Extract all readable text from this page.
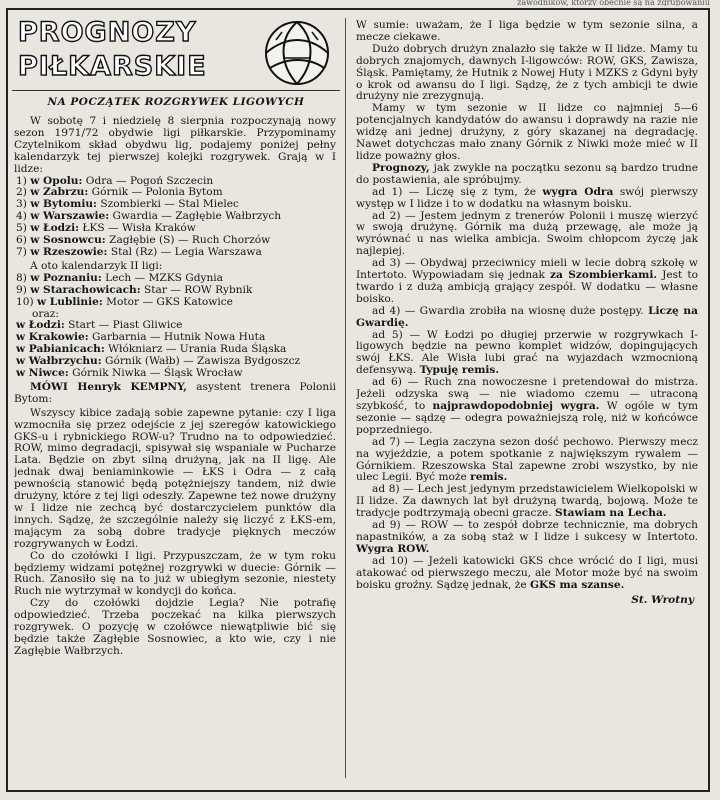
zawodników, ktorzy obecnie są na zgrupowaniu
PROGNOZY
PIŁKARSKIE
NA POCZĄTEK ROZGRYWEK LIGOWYCH

W sobotę 7 i niedzielę 8 sierpnia rozpoczynają nowy sezon 1971/72 obydwie ligi piłkarskie. Przypominamy Czytelnikom skład obydwu lig, podajemy poniżej pełny kalendarzyk tej pierwszej kolejki rozgrywek. Grają w I lidze:

1) w Opolu: Odra — Pogoń Szczecin
2) w Zabrzu: Górnik — Polonia Bytom
3) w Bytomiu: Szombierki — Stal Mielec
4) w Warszawie: Gwardia — Zagłębie Wałbrzych
5) w Łodzi: ŁKS — Wisła Kraków
6) w Sosnowcu: Zagłębie (S) — Ruch Chorzów
7) w Rzeszowie: Stal (Rz) — Legia Warszawa

A oto kalendarzyk II ligi:

8) w Poznaniu: Lech — MZKS Gdynia
9) w Starachowicach: Star — ROW Rybnik
10) w Lublinie: Motor — GKS Katowice
oraz:
w Łodzi: Start — Piast Gliwice
w Krakowie: Garbarnia — Hutnik Nowa Huta
w Pabianicach: Włókniarz — Urania Ruda Śląska
w Wałbrzychu: Górnik (Wałb) — Zawisza Bydgoszcz
w Niwce: Górnik Niwka — Śląsk Wrocław

MÓWI Henryk KEMPNY, asystent trenera Polonii Bytom:

Wszyscy kibice zadają sobie zapewne pytanie: czy I liga wzmocniła się przez odejście z jej szeregów katowickiego GKS-u i rybnickiego ROW-u? Trudno na to odpowiedzieć. ROW, mimo degradacji, spisywał się wspaniale w Pucharze Lata. Będzie on zbyt silną drużyną, jak na II ligę. Ale jednak dwaj beniaminkowie — ŁKS i Odra — z całą pewnością stanowić będą potężniejszy tandem, niż dwie drużyny, które z tej ligi odeszły. Zapewne też nowe drużyny w I lidze nie zechcą być dostarczycielem punktów dla innych. Sądzę, że szczególnie należy się liczyć z ŁKS-em, mającym za sobą dobre tradycje pięknych meczów rozgrywanych w Łodzi.

Co do czołówki I ligi. Przypuszczam, że w tym roku będziemy widzami potężnej rozgrywki w duecie: Górnik — Ruch. Zanosiło się na to już w ubiegłym sezonie, niestety Ruch nie wytrzymał w kondycji do końca.

Czy do czołówki dojdzie Legia? Nie potrafię odpowiedzieć. Trzeba poczekać na kilka pierwszych rozgrywek. O pozycję w czołówce niewątpliwie bić się będzie także Zagłębie Sosnowiec, a kto wie, czy i nie Zagłębie Wałbrzych.

W sumie: uważam, że I liga będzie w tym sezonie silna, a mecze ciekawe.

Dużo dobrych drużyn znalazło się także w II lidze. Mamy tu dobrych znajomych, dawnych I-ligowców: ROW, GKS, Zawisza, Śląsk. Pamiętamy, że Hutnik z Nowej Huty i MZKS z Gdyni były o krok od awansu do I ligi. Sądzę, że z tych ambicji te dwie drużyny nie zrezygnują.

Mamy w tym sezonie w II lidze co najmniej 5—6 potencjalnych kandydatów do awansu i doprawdy na razie nie widzę ani jednej drużyny, z góry skazanej na degradację. Nawet dotychczas mało znany Górnik z Niwki może mieć w II lidze poważny głos.

Prognozy, jak zwykle na początku sezonu są bardzo trudne do postawienia, ale spróbujmy.

ad 1) — Liczę się z tym, że wygra Odra swój pierwszy występ w I lidze i to w dodatku na własnym boisku.

ad 2) — Jestem jednym z trenerów Polonii i muszę wierzyć w swoją drużynę. Górnik ma dużą przewagę, ale może ją wyrównać u nas wielka ambicja. Swoim chłopcom życzę jak najlepiej.

ad 3) — Obydwaj przeciwnicy mieli w lecie dobrą szkołę w Intertoto. Wypowiadam się jednak za Szombierkami. Jest to twardo i z dużą ambicją grający zespół. W dodatku — własne boisko.

ad 4) — Gwardia zrobiła na wiosnę duże postępy. Liczę na Gwardię.

ad 5) — W Łodzi po długiej przerwie w rozgrywkach I-ligowych będzie na pewno komplet widzów, dopingujących swój ŁKS. Ale Wisła lubi grać na wyjazdach wzmocnioną defensywą. Typuję remis.

ad 6) — Ruch zna nowoczesne i pretendował do mistrza. Jeżeli odzyska swą — nie wiadomo czemu — utraconą szybkość, to najprawdopodobniej wygra. W ogóle w tym sezonie — sądzę — odegra poważniejszą rolę, niż w końcówce poprzedniego.

ad 7) — Legia zaczyna sezon dość pechowo. Pierwszy mecz na wyjeździe, a potem spotkanie z największym rywalem — Górnikiem. Rzeszowska Stal zapewne zrobi wszystko, by nie ulec Legii. Być może remis.

ad 8) — Lech jest jedynym przedstawicielem Wielkopolski w II lidze. Za dawnych lat był drużyną twardą, bojową. Może te tradycje podtrzymają obecni gracze. Stawiam na Lecha.

ad 9) — ROW — to zespół dobrze technicznie, ma dobrych napastników, a za sobą staż w I lidze i sukcesy w Intertoto. Wygra ROW.

ad 10) — Jeżeli katowicki GKS chce wrócić do I ligi, musi atakować od pierwszego meczu, ale Motor może być na swoim boisku groźny. Sądzę jednak, że GKS ma szanse.

St. Wrotny
